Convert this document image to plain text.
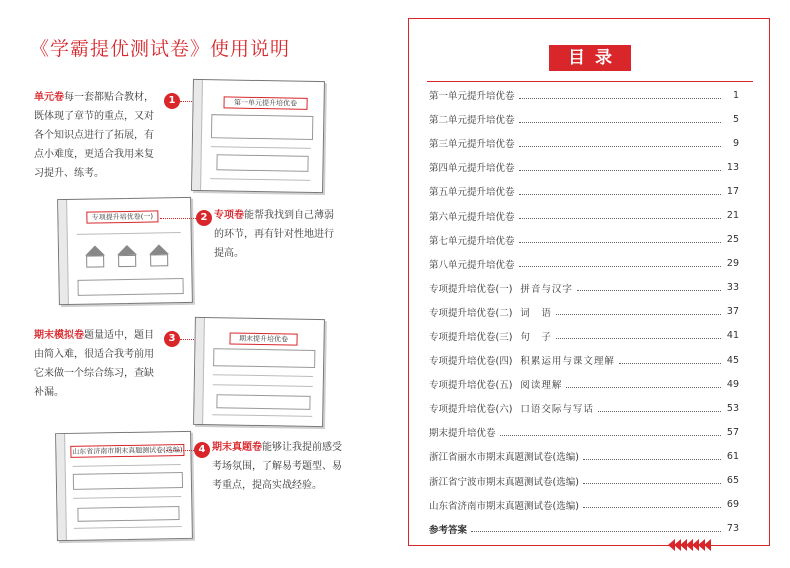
《学霸提优测试卷》使用说明
单元卷每一套都贴合教材，既体现了章节的重点，又对各个知识点进行了拓展，有点小难度，更适合我用来复习提升、练考。
1	第一单元提升培优卷
专项提升培优卷(一)	2 专项卷能帮我找到自己薄弱的环节，再有针对性地进行提高。
期末模拟卷题量适中，题目由简入难，很适合我考前用它来做一个综合练习，查缺补漏。
3	期末提升培优卷
山东省济南市期末真题测试卷(选编)	4 期末真题卷能够让我提前感受考场氛围，了解易考题型、易考重点，提高实战经验。
目录
第一单元提升培优卷	1
第二单元提升培优卷	5
第三单元提升培优卷	9
第四单元提升培优卷	13
第五单元提升培优卷	17
第六单元提升培优卷	21
第七单元提升培优卷	25
第八单元提升培优卷	29
专项提升培优卷(一) 拼音与汉字	33
专项提升培优卷(二) 词　语	37
专项提升培优卷(三) 句　子	41
专项提升培优卷(四) 积累运用与课文理解	45
专项提升培优卷(五) 阅读理解	49
专项提升培优卷(六) 口语交际与写话	53
期末提升培优卷	57
浙江省丽水市期末真题测试卷(选编)	61
浙江省宁波市期末真题测试卷(选编)	65
山东省济南市期末真题测试卷(选编)	69
参考答案	73
